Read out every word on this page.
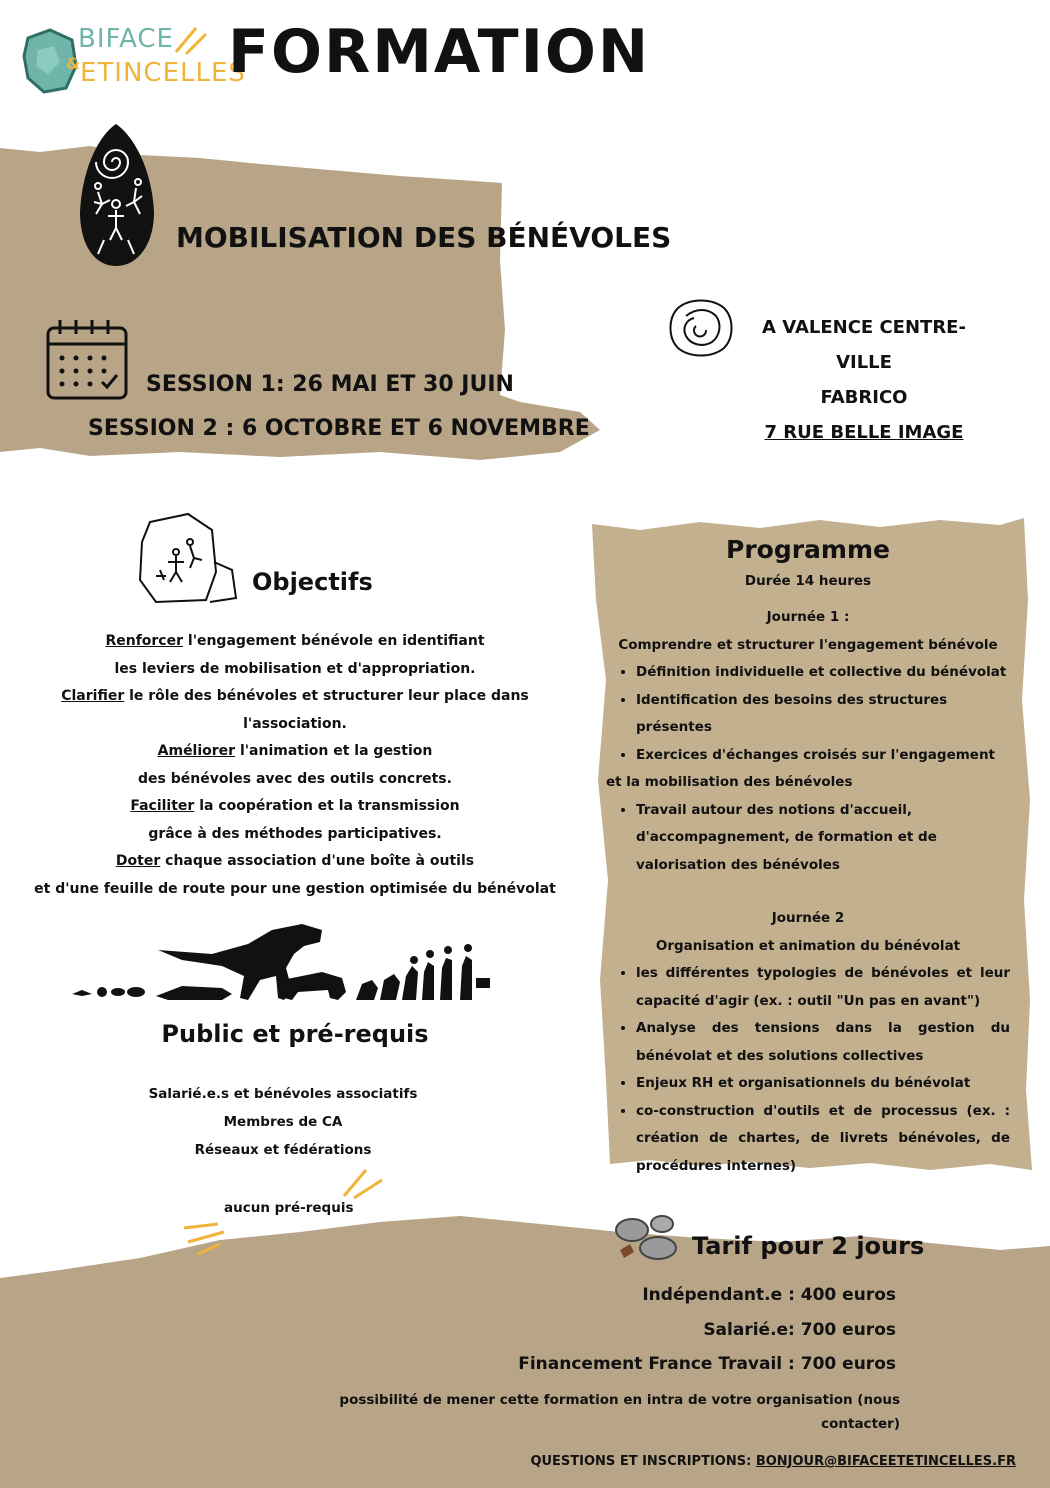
BIFACE
& ETINCELLES
FORMATION
MOBILISATION DES BÉNÉVOLES
SESSION 1: 26 MAI ET 30 JUIN
SESSION 2 : 6 OCTOBRE ET 6 NOVEMBRE
A VALENCE CENTRE-VILLE
FABRICO
7 RUE BELLE IMAGE
Objectifs

Renforcer l'engagement bénévole en identifiant

les leviers de mobilisation et d'appropriation.

Clarifier le rôle des bénévoles et structurer leur place dans l'association.

Améliorer l'animation et la gestion

des bénévoles avec des outils concrets.

Faciliter la coopération et la transmission

grâce à des méthodes participatives.

Doter chaque association d'une boîte à outils

et d'une feuille de route pour une gestion optimisée du bénévolat

Public et pré-requis
Salarié.e.s et bénévoles associatifs
Membres de CA
Réseaux et fédérations
aucun pré-requis
Programme

Durée 14 heures

Journée 1 :

Comprendre et structurer l'engagement bénévole

• Définition individuelle et collective du bénévolat
• Identification des besoins des structures présentes
• Exercices d'échanges croisés sur l'engagement

et la mobilisation des bénévoles

• Travail autour des notions d'accueil, d'accompagnement, de formation et de valorisation des bénévoles

Journée 2

Organisation et animation du bénévolat

• les différentes typologies de bénévoles et leur capacité d'agir (ex. : outil "Un pas en avant")
• Analyse des tensions dans la gestion du bénévolat et des solutions collectives
• Enjeux RH et organisationnels du bénévolat
• co-construction d'outils et de processus (ex. : création de chartes, de livrets bénévoles, de procédures internes)
Tarif pour 2 jours

Indépendant.e : 400 euros

Salarié.e: 700 euros

Financement France Travail : 700 euros

possibilité de mener cette formation en intra de votre organisation (nous contacter)
QUESTIONS ET INSCRIPTIONS: BONJOUR@BIFACEETETINCELLES.FR
